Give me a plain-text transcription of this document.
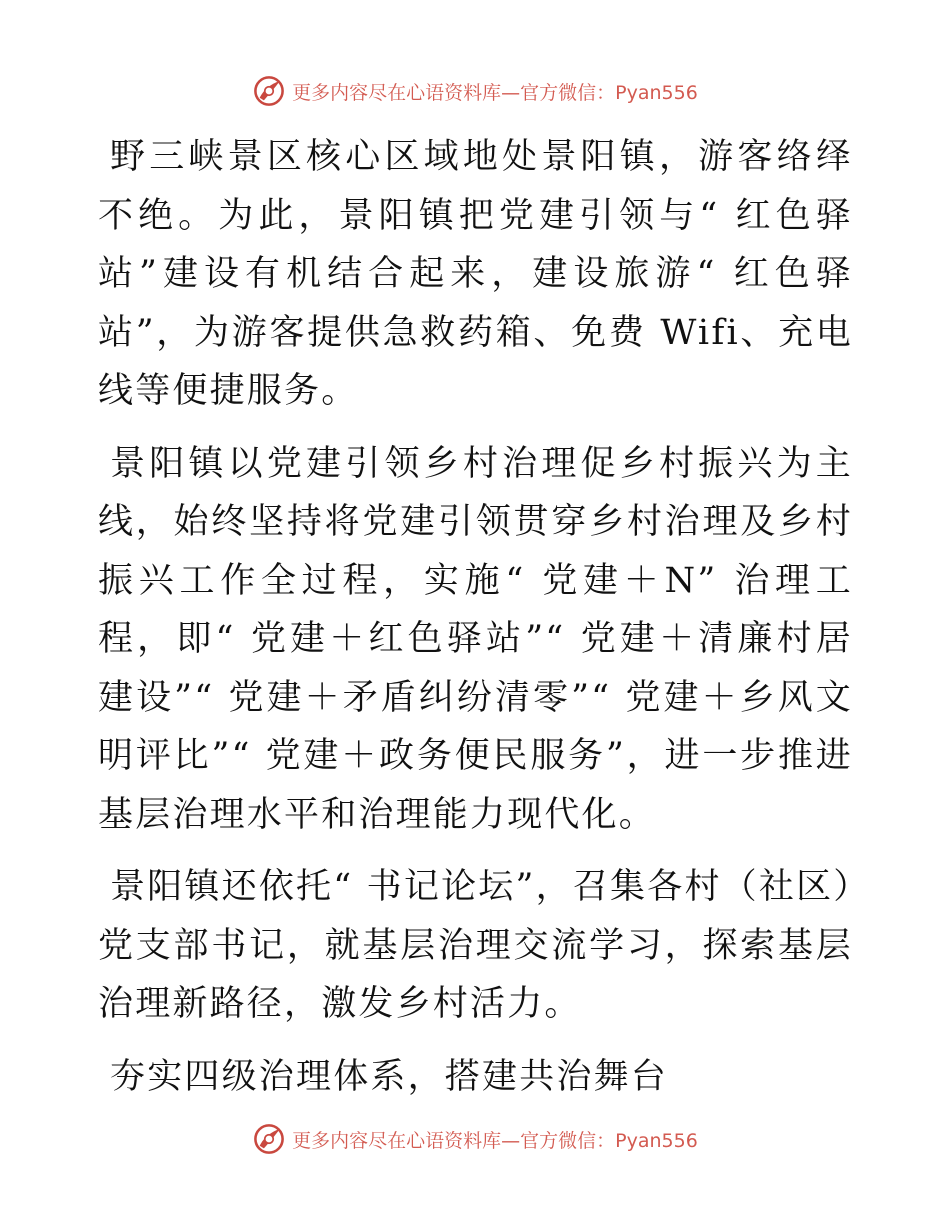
更多内容尽在心语资料库—官方微信：Pyan556

野三峡景区核心区域地处景阳镇，游客络绎不绝。为此，景阳镇把党建引领与“ 红色驿站”建设有机结合起来，建设旅游“ 红色驿站”，为游客提供急救药箱、免费 Wifi、充电线等便捷服务。

景阳镇以党建引领乡村治理促乡村振兴为主线，始终坚持将党建引领贯穿乡村治理及乡村振兴工作全过程，实施“ 党建＋N” 治理工程，即“ 党建＋红色驿站”“ 党建＋清廉村居建设”“ 党建＋矛盾纠纷清零”“ 党建＋乡风文明评比”“ 党建＋政务便民服务”，进一步推进基层治理水平和治理能力现代化。

景阳镇还依托“ 书记论坛”，召集各村（社区）党支部书记，就基层治理交流学习，探索基层治理新路径，激发乡村活力。

夯实四级治理体系，搭建共治舞台

更多内容尽在心语资料库—官方微信：Pyan556
